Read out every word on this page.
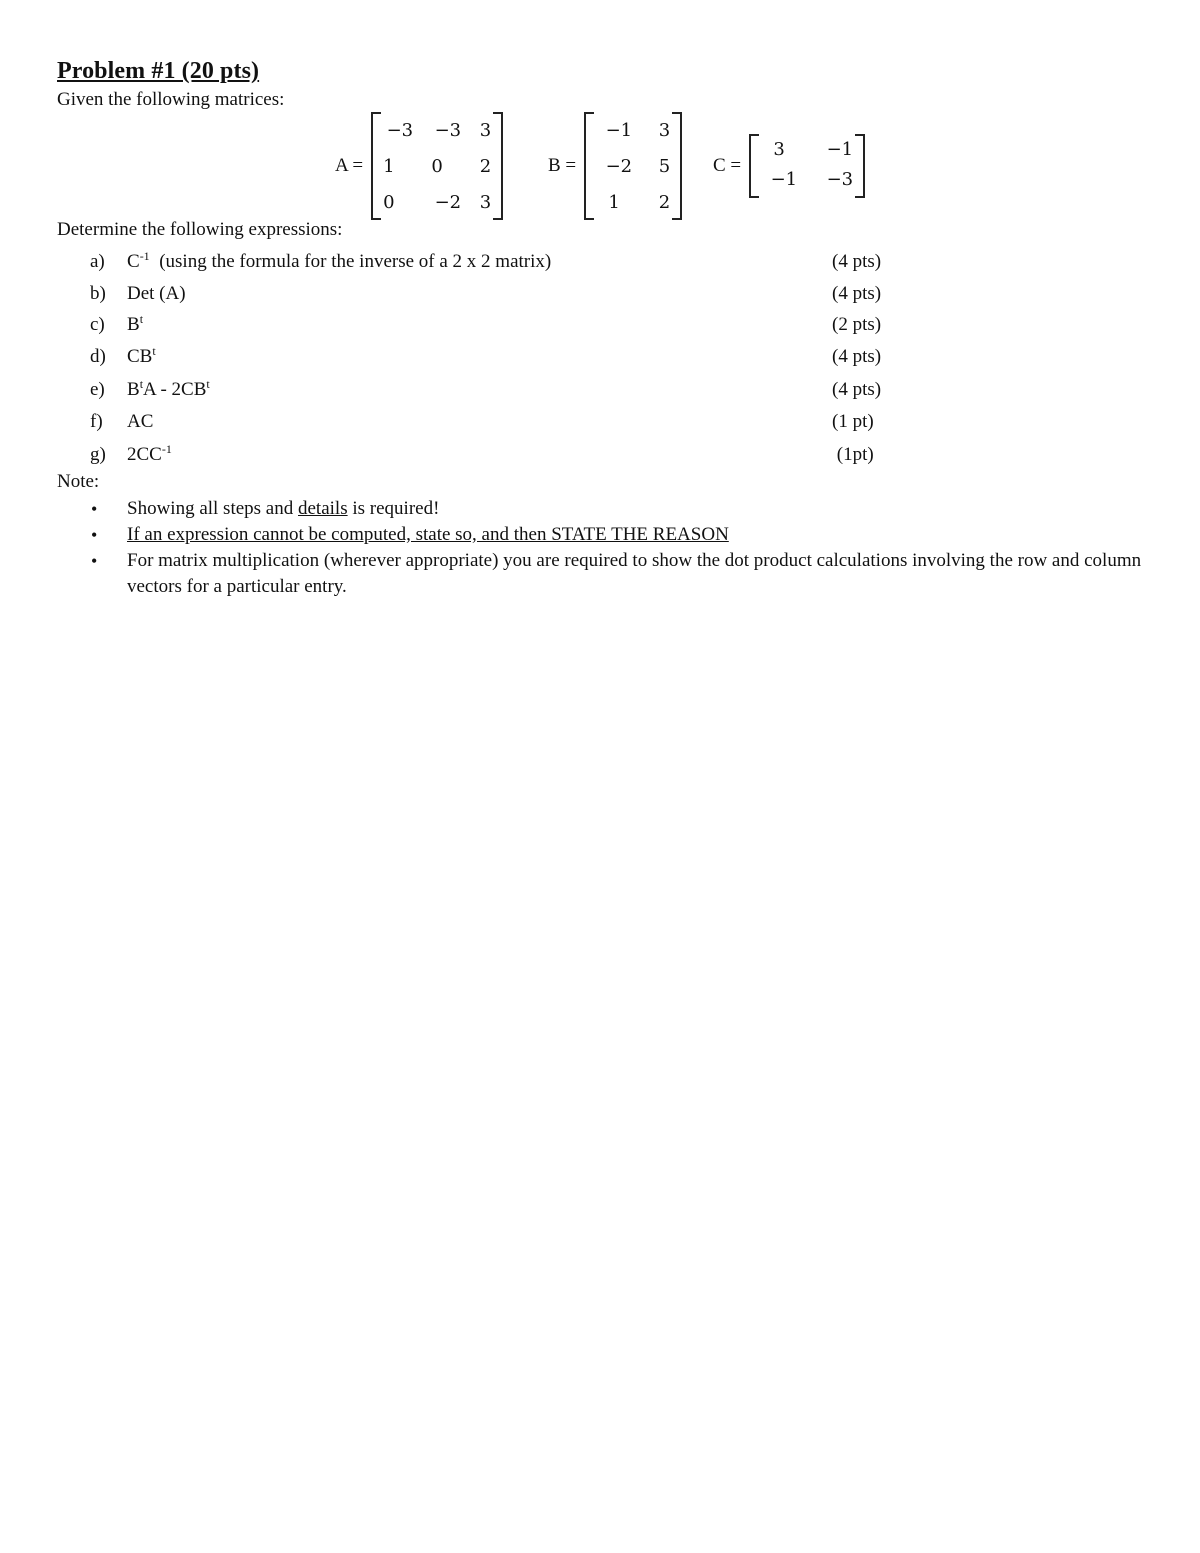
Problem #1 (20 pts)
Given the following matrices:
A =
−3	−3	3
1	0	2
0	−2	3
B =
−1	3
−2	5
1	2
C =
3	−1
−1	−3
Determine the following expressions:
a) $C^{-1}$  (using the formula for the inverse of a 2 x 2 matrix)	(4 pts)
b) Det (A)	(4 pts)
c) $B^t$	(2 pts)
d) $CB^t$	(4 pts)
e) $B^tA - 2CB^t$	(4 pts)
f) AC	(1 pt)
g) $2CC^{-1}$	(1pt)
Note:
• Showing all steps and details is required!
• If an expression cannot be computed, state so, and then STATE THE REASON
• For matrix multiplication (wherever appropriate) you are required to show the dot product calculations involving the row and column vectors for a particular entry.
